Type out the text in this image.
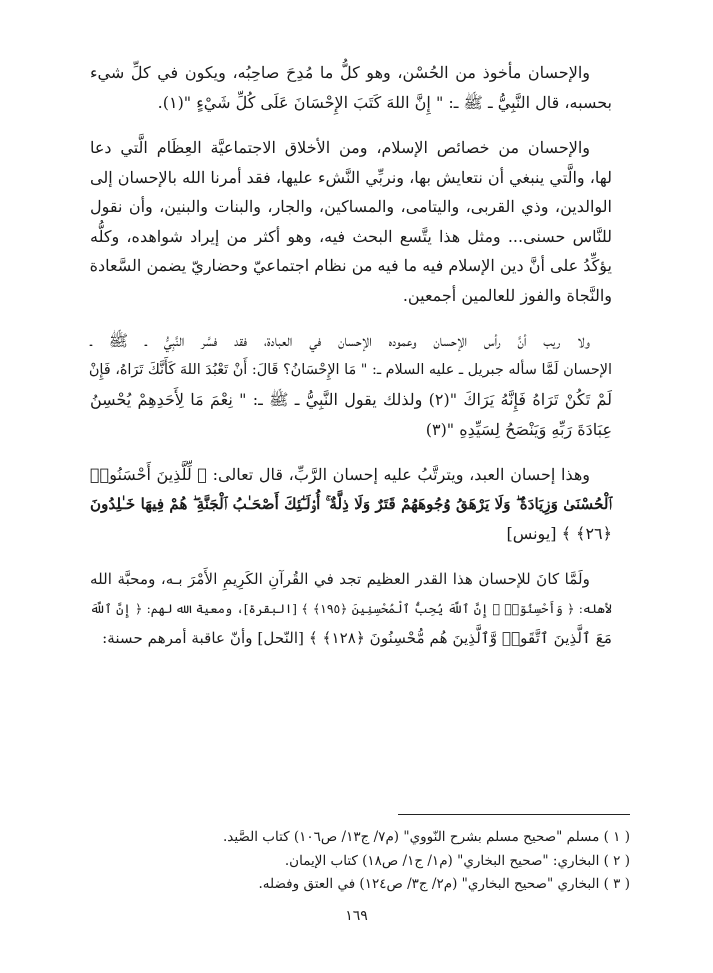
والإحسان مأخوذ من الحُسْن، وهو كلُّ ما مُدِحَ صاحِبُه، ويكون في كلِّ شيء
بحسبه، قال النَّبِيُّ ـ ﷺ ـ: " إِنَّ اللهَ كَتَبَ الإِحْسَانَ عَلَى كُلِّ شَيْءٍ "(١).
والإحسان من خصائص الإسلام، ومن الأخلاق الاجتماعيَّة العِظَام الَّتي دعا
لها، والَّتي ينبغي أن نتعايش بها، ونربِّي النَّشء عليها، فقد أمرنا الله بالإحسان إلى
الوالدين، وذي القربى، واليتامى، والمساكين، والجار، والبنات والبنين، وأن نقول
للنَّاس حسنى... ومثل هذا يتَّسع البحث فيه، وهو أكثر من إيراد شواهده، وكلُّه
يؤكِّدُ على أنَّ دين الإسلام فيه ما فيه من نظام اجتماعيّ وحضاريّ يضمن السَّعادة
والنَّجاة والفوز للعالمين أجمعين.
ولا ريب أنَّ رأس الإحسان وعموده الإحسان في العبادة، فقد فسَّر النَّبِيُّ ـ ﷺ ـ
الإحسان لَمَّا سأله جبريل ـ عليه السلام ـ: " مَا الإِحْسَانُ؟ قَالَ: أَنْ تَعْبُدَ اللهَ كَأَنَّكَ تَرَاهُ، فَإِنْ
لَمْ تَكُنْ تَرَاهُ فَإِنَّهُ يَرَاكَ "(٢) ولذلك يقول النَّبِيُّ ـ ﷺ ـ: " نِعْمَ مَا لِأَحَدِهِمْ يُحْسِنُ
عِبَادَةَ رَبِّهِ وَيَنْصَحُ لِسَيِّدِهِ "(٣)
وهذا إحسان العبد، ويترتَّبُ عليه إحسان الرَّبِّ، قال تعالى: ﴿ لِّلَّذِينَ أَحْسَنُوا۟
ٱلْحُسْنَىٰ وَزِيَادَةٌ ۖ وَلَا يَرْهَقُ وُجُوهَهُمْ قَتَرٌ وَلَا ذِلَّةٌ ۚ أُو۟لَـٰٓئِكَ أَصْحَـٰبُ ٱلْجَنَّةِ ۖ هُمْ فِيهَا خَـٰلِدُونَ
﴿٢٦﴾ ﴾ [يونس]
ولَمَّا كانَ للإحسان هذا القدر العظيم تجد في القُرآنِ الكَرِيمِ الأَمْرَ بـه، ومحبَّة الله
لأهله: ﴿ وَأَحْسِنُوٓا۟ ۛ إِنَّ ٱللَّهَ يُحِبُّ ٱلْمُحْسِنِينَ ﴿١٩٥﴾ ﴾ [البقرة]، ومعية الله لهم: ﴿ إِنَّ ٱللَّهَ
مَعَ ٱلَّذِينَ ٱتَّقَوا۟ وَّٱلَّذِينَ هُم مُّحْسِنُونَ ﴿١٢٨﴾ ﴾ [النّحل] وأنّ عاقبة أمرهم حسنة:
( ١ ) مسلم "صحيح مسلم بشرح النّووي" (م٧/ ج١٣/ ص١٠٦) كتاب الصَّيد.
( ٢ ) البخاري: "صحيح البخاري" (م١/ ج١/ ص١٨) كتاب الإيمان.
( ٣ ) البخاري "صحيح البخاري" (م٢/ ج٣/ ص١٢٤) في العتق وفضله.
١٦٩
